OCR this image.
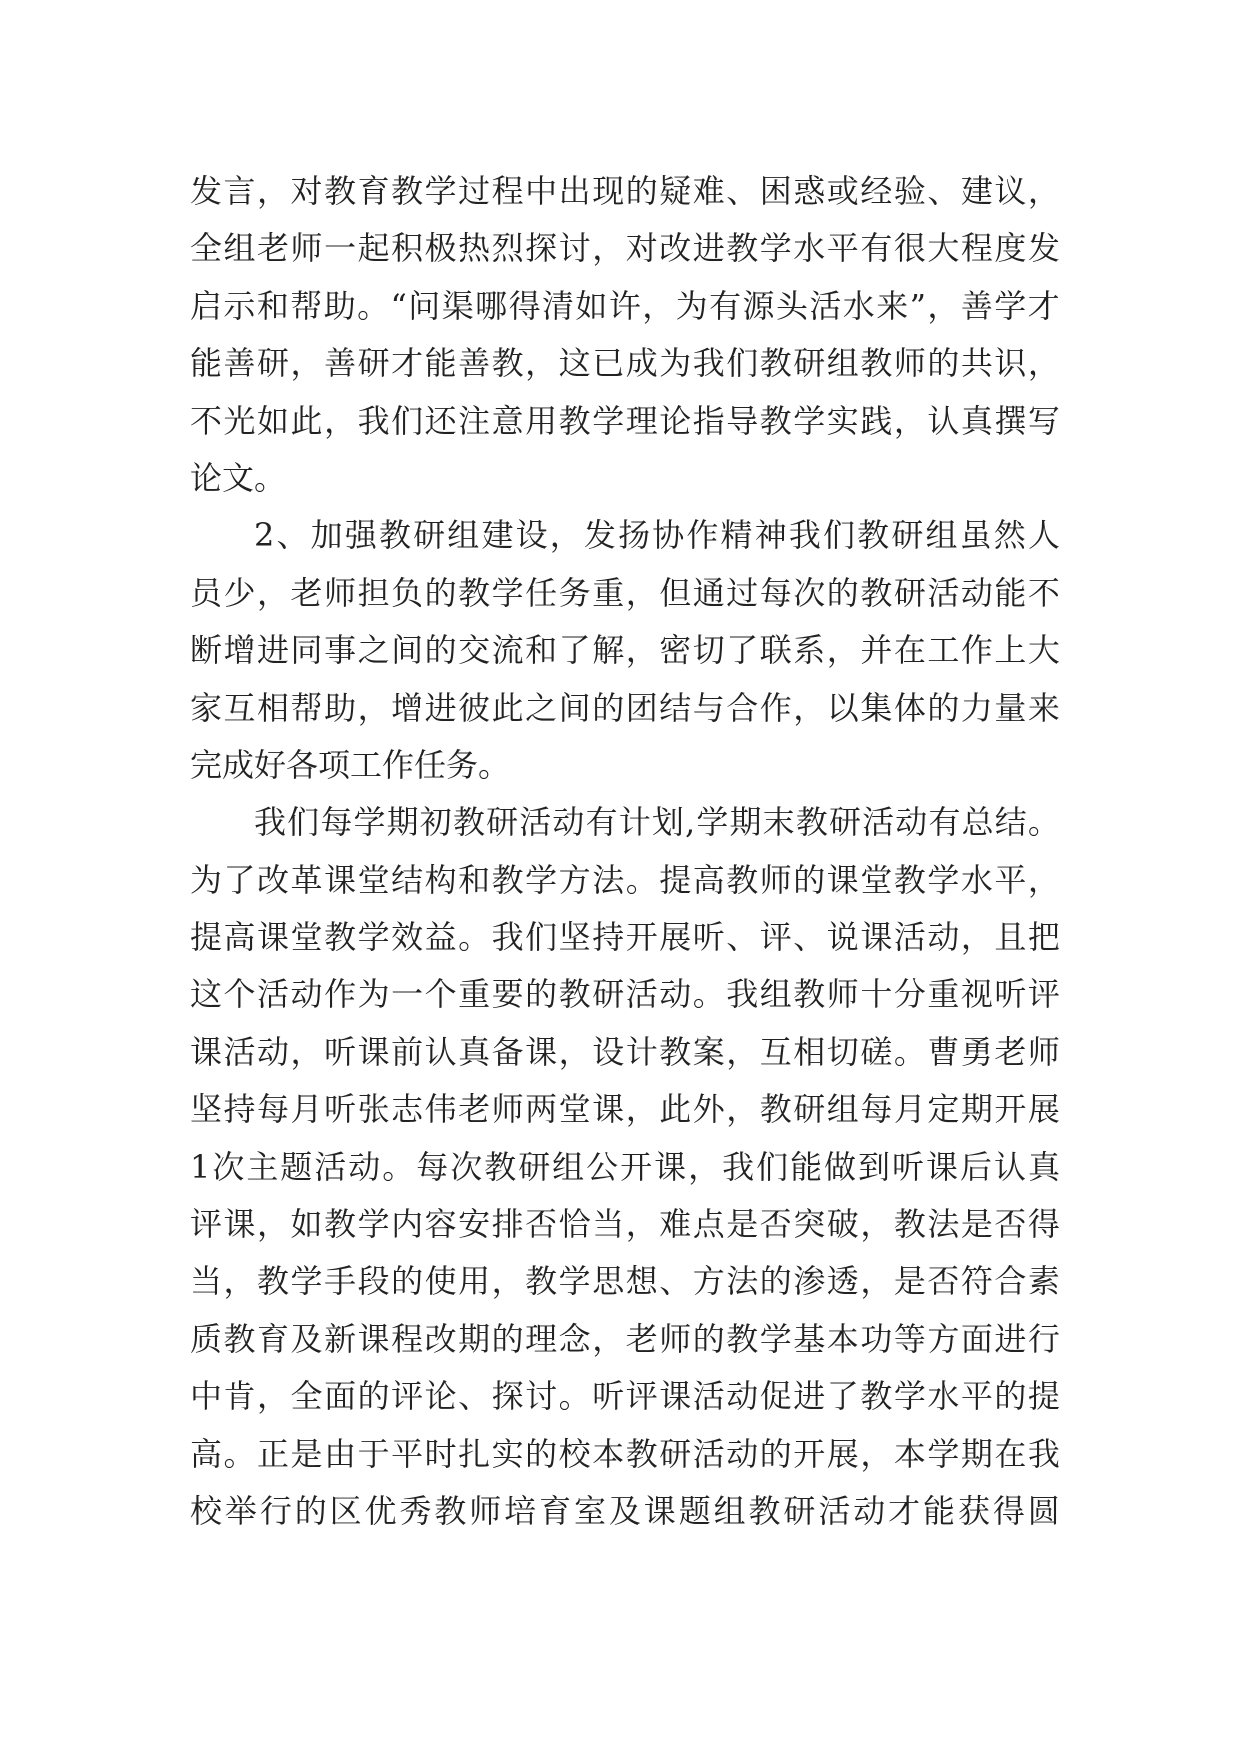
发 言 ， 对 教 育 教 学 过 程 中 出 现 的 疑 难 、 困 惑 或 经 验 、 建 议 ，
全 组 老 师 一 起 积 极 热 烈 探 讨 ， 对 改 进 教 学 水 平 有 很 大 程 度 发
启 示 和 帮 助 。 “ 问 渠 哪 得 清 如 许 ， 为 有 源 头 活 水 来 ” ， 善 学 才
能 善 研 ， 善 研 才 能 善 教 ， 这 已 成 为 我 们 教 研 组 教 师 的 共 识 ，
不 光 如 此 ， 我 们 还 注 意 用 教 学 理 论 指 导 教 学 实 践 ， 认 真 撰 写
论文。
2 、 加 强 教 研 组 建 设 ， 发 扬 协 作 精 神 我 们 教 研 组 虽 然 人
员 少 ， 老 师 担 负 的 教 学 任 务 重 ， 但 通 过 每 次 的 教 研 活 动 能 不
断 增 进 同 事 之 间 的 交 流 和 了 解 ， 密 切 了 联 系 ， 并 在 工 作 上 大
家 互 相 帮 助 ， 增 进 彼 此 之 间 的 团 结 与 合 作 ， 以 集 体 的 力 量 来
完成好各项工作任务。
我 们 每 学 期 初 教 研 活 动 有 计 划 , 学 期 末 教 研 活 动 有 总 结 。
为 了 改 革 课 堂 结 构 和 教 学 方 法 。 提 高 教 师 的 课 堂 教 学 水 平 ，
提 高 课 堂 教 学 效 益 。 我 们 坚 持 开 展 听 、 评 、 说 课 活 动 ， 且 把
这 个 活 动 作 为 一 个 重 要 的 教 研 活 动 。 我 组 教 师 十 分 重 视 听 评
课 活 动 ， 听 课 前 认 真 备 课 ， 设 计 教 案 ， 互 相 切 磋 。 曹 勇 老 师
坚 持 每 月 听 张 志 伟 老 师 两 堂 课 ， 此 外 ， 教 研 组 每 月 定 期 开 展
1 次 主 题 活 动 。 每 次 教 研 组 公 开 课 ， 我 们 能 做 到 听 课 后 认 真
评 课 ， 如 教 学 内 容 安 排 否 恰 当 ， 难 点 是 否 突 破 ， 教 法 是 否 得
当 ， 教 学 手 段 的 使 用 ， 教 学 思 想 、 方 法 的 渗 透 ， 是 否 符 合 素
质 教 育 及 新 课 程 改 期 的 理 念 ， 老 师 的 教 学 基 本 功 等 方 面 进 行
中 肯 ， 全 面 的 评 论 、 探 讨 。 听 评 课 活 动 促 进 了 教 学 水 平 的 提
高 。 正 是 由 于 平 时 扎 实 的 校 本 教 研 活 动 的 开 展 ， 本 学 期 在 我
校 举 行 的 区 优 秀 教 师 培 育 室 及 课 题 组 教 研 活 动 才 能 获 得 圆
